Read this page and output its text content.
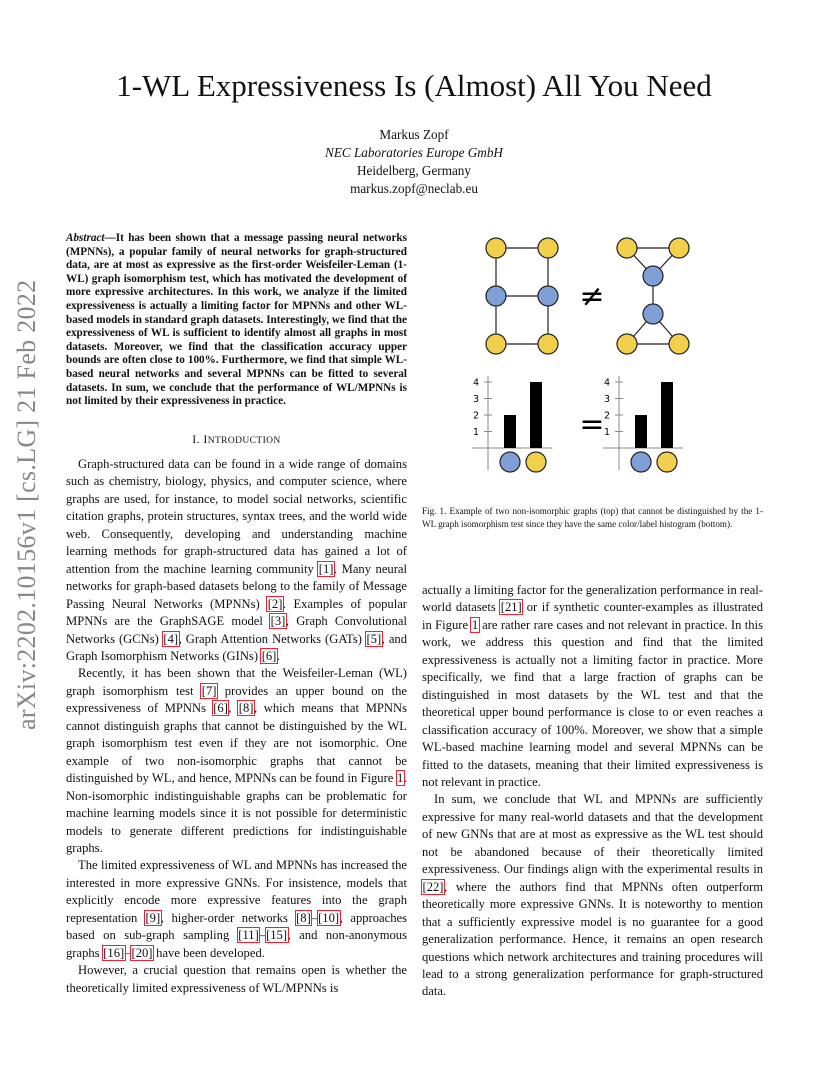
arXiv:2202.10156v1 [cs.LG] 21 Feb 2022
1-WL Expressiveness Is (Almost) All You Need
Markus Zopf
NEC Laboratories Europe GmbH
Heidelberg, Germany
markus.zopf@neclab.eu
Abstract—It has been shown that a message passing neural networks (MPNNs), a popular family of neural networks for graph-structured data, are at most as expressive as the first-order Weisfeiler-Leman (1-WL) graph isomorphism test, which has motivated the development of more expressive architectures. In this work, we analyze if the limited expressiveness is actually a limiting factor for MPNNs and other WL-based models in standard graph datasets. Interestingly, we find that the expressiveness of WL is sufficient to identify almost all graphs in most datasets. Moreover, we find that the classification accuracy upper bounds are often close to 100%. Furthermore, we find that simple WL-based neural networks and several MPNNs can be fitted to several datasets. In sum, we conclude that the performance of WL/MPNNs is not limited by their expressiveness in practice.
I. INTRODUCTION

Graph-structured data can be found in a wide range of domains such as chemistry, biology, physics, and computer science, where graphs are used, for instance, to model social networks, scientific citation graphs, protein structures, syntax trees, and the world wide web. Consequently, developing and understanding machine learning methods for graph-structured data has gained a lot of attention from the machine learning community [1]. Many neural networks for graph-based datasets belong to the family of Message Passing Neural Networks (MPNNs) [2]. Examples of popular MPNNs are the GraphSAGE model [3], Graph Convolutional Networks (GCNs) [4], Graph Attention Networks (GATs) [5], and Graph Isomorphism Networks (GINs) [6].

Recently, it has been shown that the Weisfeiler-Leman (WL) graph isomorphism test [7] provides an upper bound on the expressiveness of MPNNs [6], [8], which means that MPNNs cannot distinguish graphs that cannot be distinguished by the WL graph isomorphism test even if they are not isomorphic. One example of two non-isomorphic graphs that cannot be distinguished by WL, and hence, MPNNs can be found in Figure 1. Non-isomorphic indistinguishable graphs can be problematic for machine learning models since it is not possible for deterministic models to generate different predictions for indistinguishable graphs.

The limited expressiveness of WL and MPNNs has increased the interested in more expressive GNNs. For insistence, models that explicitly encode more expressive features into the graph representation [9], higher-order networks [8]–[10], approaches based on sub-graph sampling [11]–[15], and non-anonymous graphs [16]–[20] have been developed.

However, a crucial question that remains open is whether the theoretically limited expressiveness of WL/MPNNs is

≠
1
2
3
4
= 1
2
3
4
Fig. 1. Example of two non-isomorphic graphs (top) that cannot be distinguished by the 1-WL graph isomorphism test since they have the same color/label histogram (bottom).

actually a limiting factor for the generalization performance in real-world datasets [21] or if synthetic counter-examples as illustrated in Figure 1 are rather rare cases and not relevant in practice. In this work, we address this question and find that the limited expressiveness is actually not a limiting factor in practice. More specifically, we find that a large fraction of graphs can be distinguished in most datasets by the WL test and that the theoretical upper bound performance is close to or even reaches a classification accuracy of 100%. Moreover, we show that a simple WL-based machine learning model and several MPNNs can be fitted to the datasets, meaning that their limited expressiveness is not relevant in practice.

In sum, we conclude that WL and MPNNs are sufficiently expressive for many real-world datasets and that the development of new GNNs that are at most as expressive as the WL test should not be abandoned because of their theoretically limited expressiveness. Our findings align with the experimental results in [22], where the authors find that MPNNs often outperform theoretically more expressive GNNs. It is noteworthy to mention that a sufficiently expressive model is no guarantee for a good generalization performance. Hence, it remains an open research questions which network architectures and training procedures will lead to a strong generalization performance for graph-structured data.
